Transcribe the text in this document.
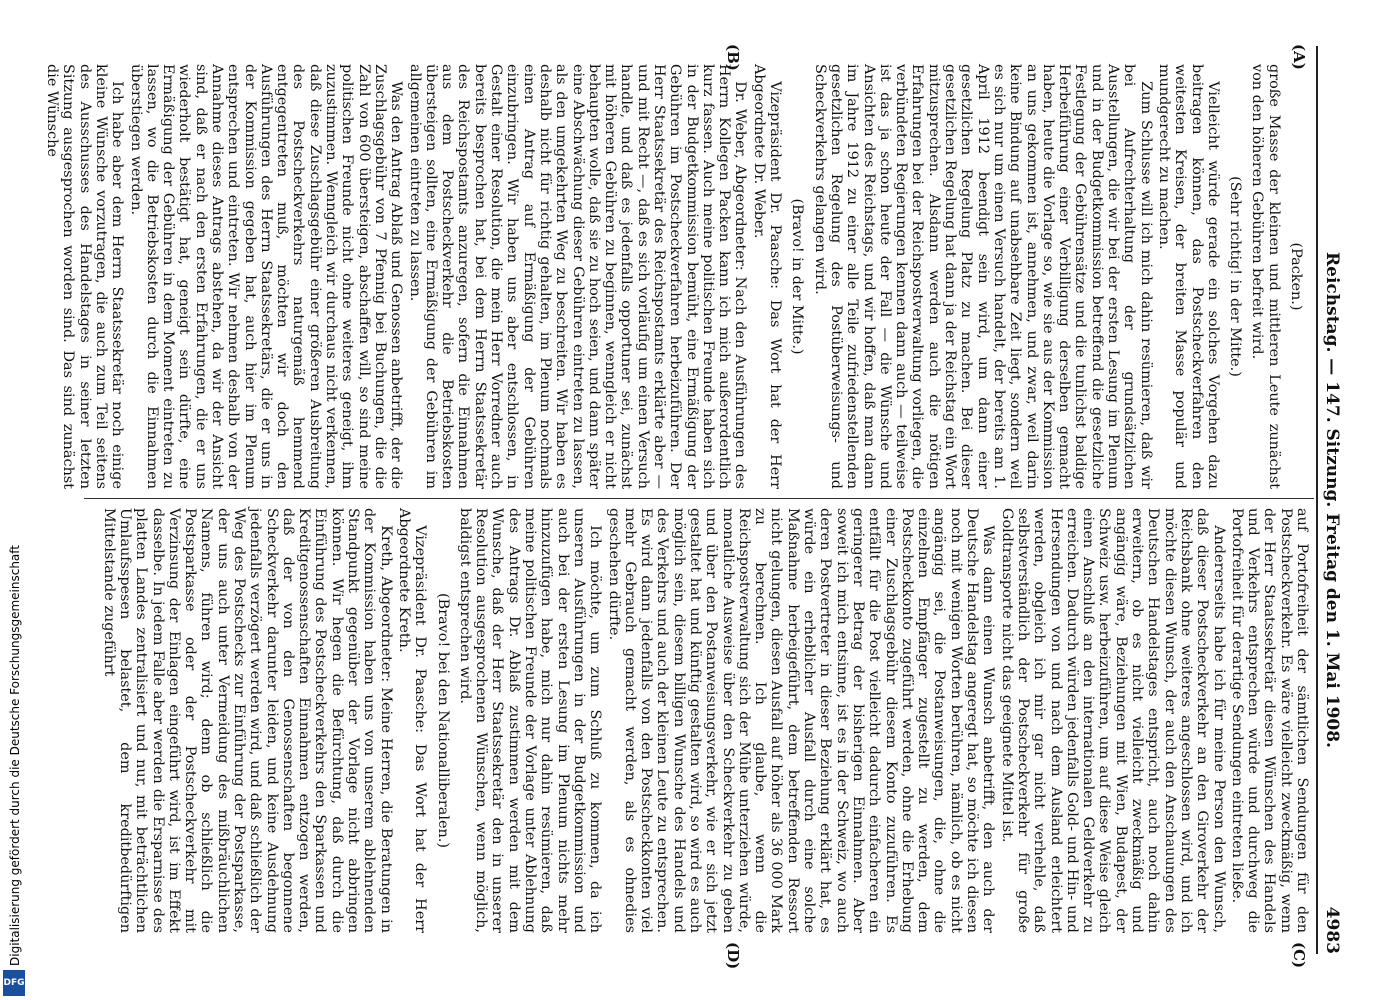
Digitalisierung gefördert durch die Deutsche Forschungsgemeinschaft
DFG
Reichstag. — 147. Sitzung. Freitag den 1. Mai 1908.
4983
(A)
(B)
(C)
(D)

(Packen.)

große Masse der kleinen und mittleren Leute zunächst von den höheren Gebühren befreit wird.

(Sehr richtig! in der Mitte.)

Vielleicht würde gerade ein solches Vorgehen dazu beitragen können, das Postscheckverfahren den weitesten Kreisen, der breiten Masse populär und mundgerecht zu machen.

Zum Schlusse will ich mich dahin resümieren, daß wir bei Aufrechterhaltung der grundsätzlichen Ausstellungen, die wir bei der ersten Lesung im Plenum und in der Budgetkommission betreffend die gesetzliche Festlegung der Gebührensätze und die tunlichst baldige Herbeiführung einer Verbilligung derselben gemacht haben, heute die Vorlage so, wie sie aus der Kommission an uns gekommen ist, annehmen, und zwar, weil darin keine Bindung auf unabsehbare Zeit liegt, sondern weil es sich nur um einen Versuch handelt, der bereits am 1. April 1912 beendigt sein wird, um dann einer gesetzlichen Regelung Platz zu machen. Bei dieser gesetzlichen Regelung hat dann ja der Reichstag ein Wort mitzusprechen. Alsdann werden auch die nötigen Erfahrungen bei der Reichspostverwaltung vorliegen, die verbündeten Regierungen kennen dann auch — teilweise ist das ja schon heute der Fall — die Wünsche und Ansichten des Reichstags, und wir hoffen, daß man dann im Jahre 1912 zu einer alle Teile zufriedenstellenden gesetzlichen Regelung des Postüberweisungs- und Scheckverkehrs gelangen wird.

(Bravo! in der Mitte.)

Vizepräsident Dr. Paasche: Das Wort hat der Herr Abgeordnete Dr. Weber.

Dr. Weber, Abgeordneter: Nach den Ausführungen des Herrn Kollegen Packen kann ich mich außerordentlich kurz fassen. Auch meine politischen Freunde haben sich in der Budgetkommission bemüht, eine Ermäßigung der Gebühren im Postscheckverfahren herbeizuführen. Der Herr Staatssekretär des Reichspostamts erklärte aber — und mit Recht —, daß es sich vorläufig um einen Versuch handle, und daß es jedenfalls opportuner sei, zunächst mit höheren Gebühren zu beginnen, wenngleich er nicht behaupten wolle, daß sie zu hoch seien, und dann später eine Abschwächung dieser Gebühren eintreten zu lassen, als den umgekehrten Weg zu beschreiten. Wir haben es deshalb nicht für richtig gehalten, im Plenum nochmals einen Antrag auf Ermäßigung der Gebühren einzubringen. Wir haben uns aber entschlossen, in Gestalt einer Resolution, die mein Herr Vorredner auch bereits besprochen hat, bei dem Herrn Staatssekretär des Reichspostamts anzuregen, sofern die Einnahmen aus dem Postscheckverkehr die Betriebskosten übersteigen sollten, eine Ermäßigung der Gebühren im allgemeinen eintreten zu lassen.

Was den Antrag Ablaß und Genossen anbetrifft, der die Zuschlagsgebühr von 7 Pfennig bei Buchungen, die die Zahl von 600 übersteigen, abschaffen will, so sind meine politischen Freunde nicht ohne weiteres geneigt, ihm zuzustimmen. Wenngleich wir durchaus nicht verkennen, daß diese Zuschlagsgebühr einer größeren Ausbreitung des Postscheckverkehrs naturgemäß hemmend entgegentreten muß, möchten wir doch den Ausführungen des Herrn Staatssekretärs, die er uns in der Kommission gegeben hat, auch hier im Plenum entsprechen und eintreten. Wir nehmen deshalb von der Annahme dieses Antrags abstehen, da wir der Ansicht sind, daß er nach den ersten Erfahrungen, die er uns wiederholt bestätigt hat, geneigt sein dürfte, eine Ermäßigung der Gebühren in dem Moment eintreten zu lassen, wo die Betriebskosten durch die Einnahmen überstiegen werden.

Ich habe aber dem Herrn Staatssekretär noch einige kleine Wünsche vorzutragen, die auch zum Teil seitens des Ausschusses des Handelstages in seiner letzten Sitzung ausgesprochen worden sind. Das sind zunächst die Wünsche

auf Portofreiheit der sämtlichen Sendungen für den Postscheckverkehr. Es wäre vielleicht zweckmäßig, wenn der Herr Staatssekretär diesen Wünschen des Handels und Verkehrs entsprechen würde und durchweg die Portofreiheit für derartige Sendungen eintreten ließe.

Andererseits habe ich für meine Person den Wunsch, daß dieser Postscheckverkehr an den Giroverkehr der Reichsbank ohne weiteres angeschlossen wird, und ich möchte diesen Wunsch, der auch den Anschauungen des Deutschen Handelstages entspricht, auch noch dahin erweitern, ob es nicht vielleicht zweckmäßig und angängig wäre, Beziehungen mit Wien, Budapest, der Schweiz usw. herbeizuführen, um auf diese Weise gleich einen Anschluß an den internationalen Geldverkehr zu erreichen. Dadurch würden jedenfalls Gold- und Hin- und Hersendungen von und nach dem Ausland erleichtert werden, obgleich ich mir gar nicht verhehle, daß selbstverständlich der Postscheckverkehr für große Goldtransporte nicht das geeignete Mittel ist.

Was dann einen Wunsch anbetrifft, den auch der Deutsche Handelstag angeregt hat, so möchte ich diesen noch mit wenigen Worten berühren, nämlich, ob es nicht angängig sei, die Postanweisungen, die, ohne die einzelnen Empfänger zugestellt zu werden, dem Postscheckkonto zugeführt werden, ohne die Erhebung einer Zuschlagsgebühr diesem Konto zuzuführen. Es entfällt für die Post vielleicht dadurch einfacheren ein geringerer Betrag der bisherigen Einnahmen. Aber soweit ich mich entsinne, ist es in der Schweiz, wo auch deren Postvertreter in dieser Beziehung erklärt hat, es würde ein erheblicher Ausfall durch eine solche Maßnahme herbeigeführt, dem betreffenden Ressort nicht gelungen, diesen Ausfall auf höher als 36 000 Mark zu berechnen. Ich glaube, wenn die Reichspostverwaltung sich der Mühe unterziehen würde, monatliche Ausweise über den Scheckverkehr zu geben und über den Postanweisungsverkehr, wie er sich jetzt gestaltet hat und künftig gestalten wird, so wird es auch möglich sein, diesem billigen Wunsche des Handels und des Verkehrs und auch der kleinen Leute zu entsprechen. Es wird dann jedenfalls von den Postscheckkonten viel mehr Gebrauch gemacht werden, als es ohnedies geschehen dürfte.

Ich möchte, um zum Schluß zu kommen, da ich unseren Ausführungen in der Budgetkommission und auch bei der ersten Lesung im Plenum nichts mehr hinzuzufügen habe, mich nur dahin resümieren, daß meine politischen Freunde der Vorlage unter Ablehnung des Antrags Dr. Ablaß zustimmen werden mit dem Wunsche, daß der Herr Staatssekretär den in unserer Resolution ausgesprochenen Wünschen, wenn möglich, baldigst entsprechen wird.

(Bravo! bei den Nationalliberalen.)

Vizepräsident Dr. Paasche: Das Wort hat der Herr Abgeordnete Kreth.

Kreth, Abgeordneter: Meine Herren, die Beratungen in der Kommission haben uns von unserem ablehnenden Standpunkt gegenüber der Vorlage nicht abbringen können. Wir hegen die Befürchtung, daß durch die Einführung des Postscheckverkehrs den Sparkassen und Kreditgenossenschaften Einnahmen entzogen werden, daß der von den Genossenschaften begonnene Scheckverkehr darunter leiden, und keine Ausdehnung jedenfalls verzögert werden wird, und daß schließlich der Weg des Postschecks zur Einführung der Postsparkasse, der uns auch unter Vermeidung des mißbräuchlichen Namens, führen wird; denn ob schließlich die Postsparkasse oder der Postscheckverkehr mit Verzinsung der Einlagen eingeführt wird, ist im Effekt dasselbe. In jedem Falle aber werden die Ersparnisse des platten Landes zentralisiert und nur, mit beträchtlichen Umlaufsspesen belastet, dem kreditbedürftigen Mittelstande zugeführt
